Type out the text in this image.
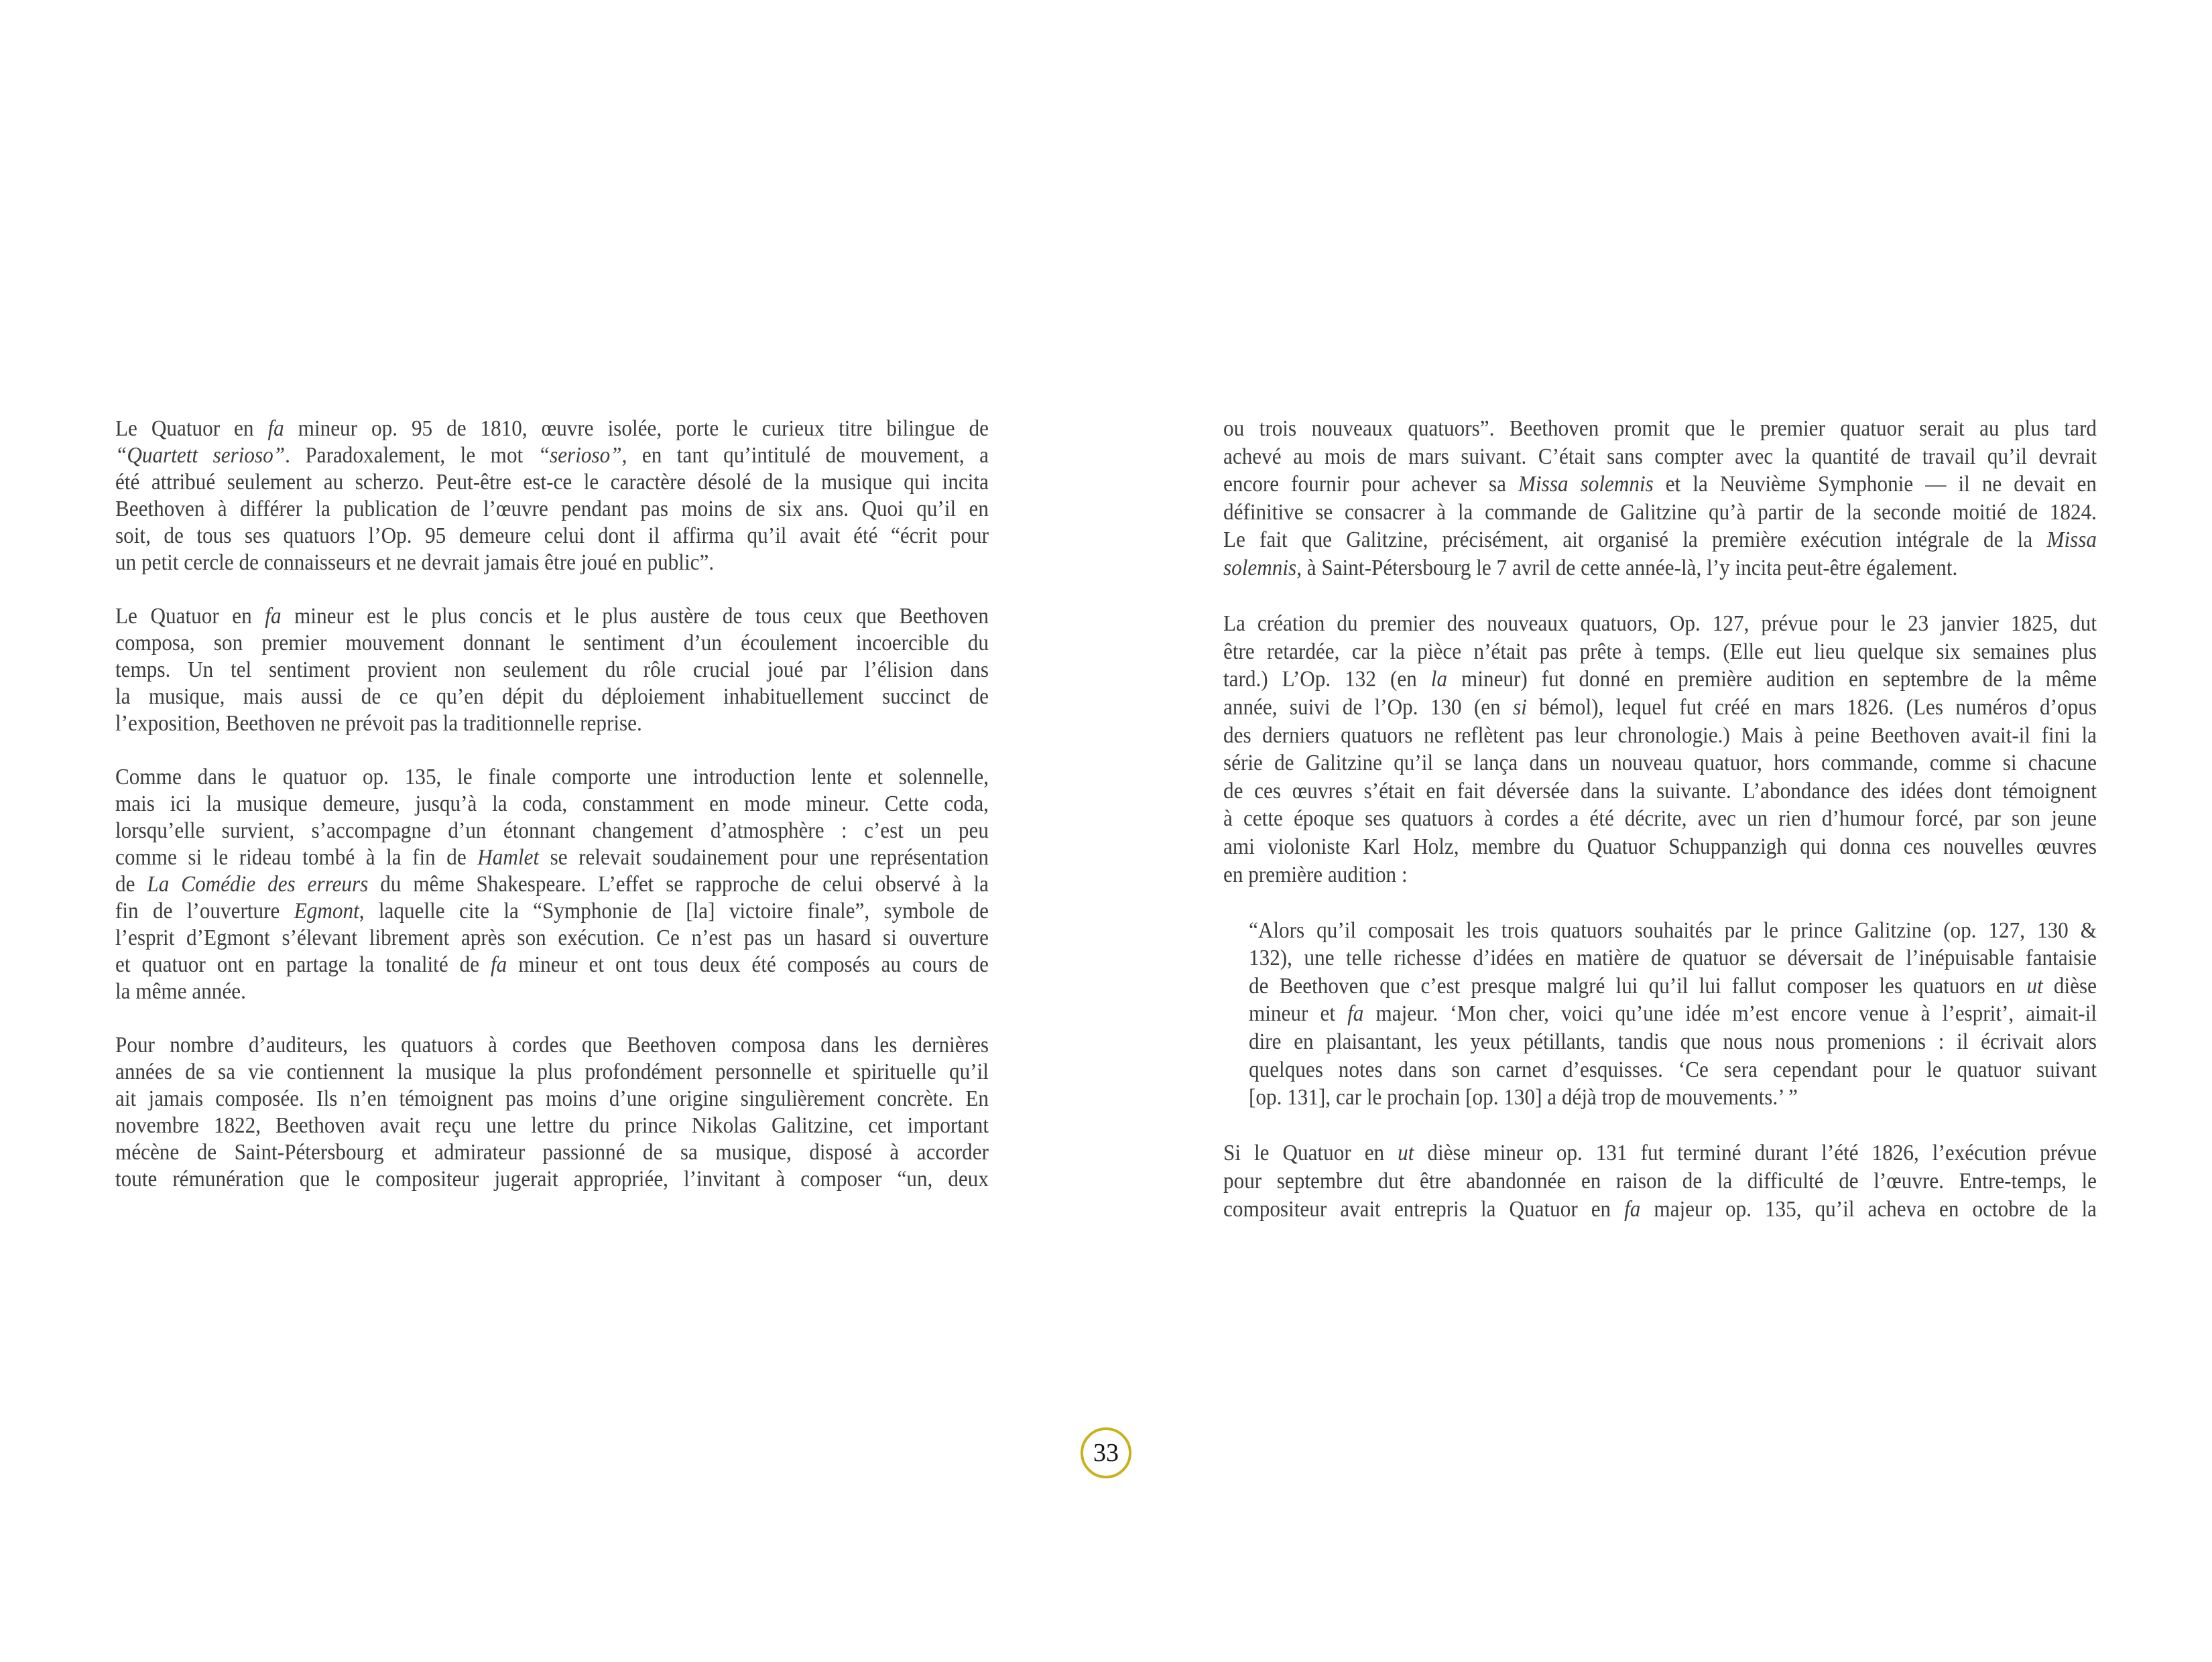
Le Quatuor en fa mineur op. 95 de 1810, œuvre isolée, porte le curieux titre bilingue de
“Quartett serioso”. Paradoxalement, le mot “serioso”, en tant qu’intitulé de mouvement, a
été attribué seulement au scherzo. Peut-être est-ce le caractère désolé de la musique qui incita
Beethoven à différer la publication de l’œuvre pendant pas moins de six ans. Quoi qu’il en
soit, de tous ses quatuors l’Op. 95 demeure celui dont il affirma qu’il avait été “écrit pour
un petit cercle de connaisseurs et ne devrait jamais être joué en public”.
Le Quatuor en fa mineur est le plus concis et le plus austère de tous ceux que Beethoven
composa, son premier mouvement donnant le sentiment d’un écoulement incoercible du
temps. Un tel sentiment provient non seulement du rôle crucial joué par l’élision dans
la musique, mais aussi de ce qu’en dépit du déploiement inhabituellement succinct de
l’exposition, Beethoven ne prévoit pas la traditionnelle reprise.
Comme dans le quatuor op. 135, le finale comporte une introduction lente et solennelle,
mais ici la musique demeure, jusqu’à la coda, constamment en mode mineur. Cette coda,
lorsqu’elle survient, s’accompagne d’un étonnant changement d’atmosphère : c’est un peu
comme si le rideau tombé à la fin de Hamlet se relevait soudainement pour une représentation
de La Comédie des erreurs du même Shakespeare. L’effet se rapproche de celui observé à la
fin de l’ouverture Egmont, laquelle cite la “Symphonie de [la] victoire finale”, symbole de
l’esprit d’Egmont s’élevant librement après son exécution. Ce n’est pas un hasard si ouverture
et quatuor ont en partage la tonalité de fa mineur et ont tous deux été composés au cours de
la même année.
Pour nombre d’auditeurs, les quatuors à cordes que Beethoven composa dans les dernières
années de sa vie contiennent la musique la plus profondément personnelle et spirituelle qu’il
ait jamais composée. Ils n’en témoignent pas moins d’une origine singulièrement concrète. En
novembre 1822, Beethoven avait reçu une lettre du prince Nikolas Galitzine, cet important
mécène de Saint-Pétersbourg et admirateur passionné de sa musique, disposé à accorder
toute rémunération que le compositeur jugerait appropriée, l’invitant à composer “un, deux
ou trois nouveaux quatuors”. Beethoven promit que le premier quatuor serait au plus tard
achevé au mois de mars suivant. C’était sans compter avec la quantité de travail qu’il devrait
encore fournir pour achever sa Missa solemnis et la Neuvième Symphonie — il ne devait en
définitive se consacrer à la commande de Galitzine qu’à partir de la seconde moitié de 1824.
Le fait que Galitzine, précisément, ait organisé la première exécution intégrale de la Missa
solemnis, à Saint-Pétersbourg le 7 avril de cette année-là, l’y incita peut-être également.
La création du premier des nouveaux quatuors, Op. 127, prévue pour le 23 janvier 1825, dut
être retardée, car la pièce n’était pas prête à temps. (Elle eut lieu quelque six semaines plus
tard.) L’Op. 132 (en la mineur) fut donné en première audition en septembre de la même
année, suivi de l’Op. 130 (en si bémol), lequel fut créé en mars 1826. (Les numéros d’opus
des derniers quatuors ne reflètent pas leur chronologie.) Mais à peine Beethoven avait-il fini la
série de Galitzine qu’il se lança dans un nouveau quatuor, hors commande, comme si chacune
de ces œuvres s’était en fait déversée dans la suivante. L’abondance des idées dont témoignent
à cette époque ses quatuors à cordes a été décrite, avec un rien d’humour forcé, par son jeune
ami violoniste Karl Holz, membre du Quatuor Schuppanzigh qui donna ces nouvelles œuvres
en première audition :
“Alors qu’il composait les trois quatuors souhaités par le prince Galitzine (op. 127, 130 &
132), une telle richesse d’idées en matière de quatuor se déversait de l’inépuisable fantaisie
de Beethoven que c’est presque malgré lui qu’il lui fallut composer les quatuors en ut dièse
mineur et fa majeur. ‘Mon cher, voici qu’une idée m’est encore venue à l’esprit’, aimait-il
dire en plaisantant, les yeux pétillants, tandis que nous nous promenions : il écrivait alors
quelques notes dans son carnet d’esquisses. ‘Ce sera cependant pour le quatuor suivant
[op. 131], car le prochain [op. 130] a déjà trop de mouvements.’ ”
Si le Quatuor en ut dièse mineur op. 131 fut terminé durant l’été 1826, l’exécution prévue
pour septembre dut être abandonnée en raison de la difficulté de l’œuvre. Entre-temps, le
compositeur avait entrepris la Quatuor en fa majeur op. 135, qu’il acheva en octobre de la
33
